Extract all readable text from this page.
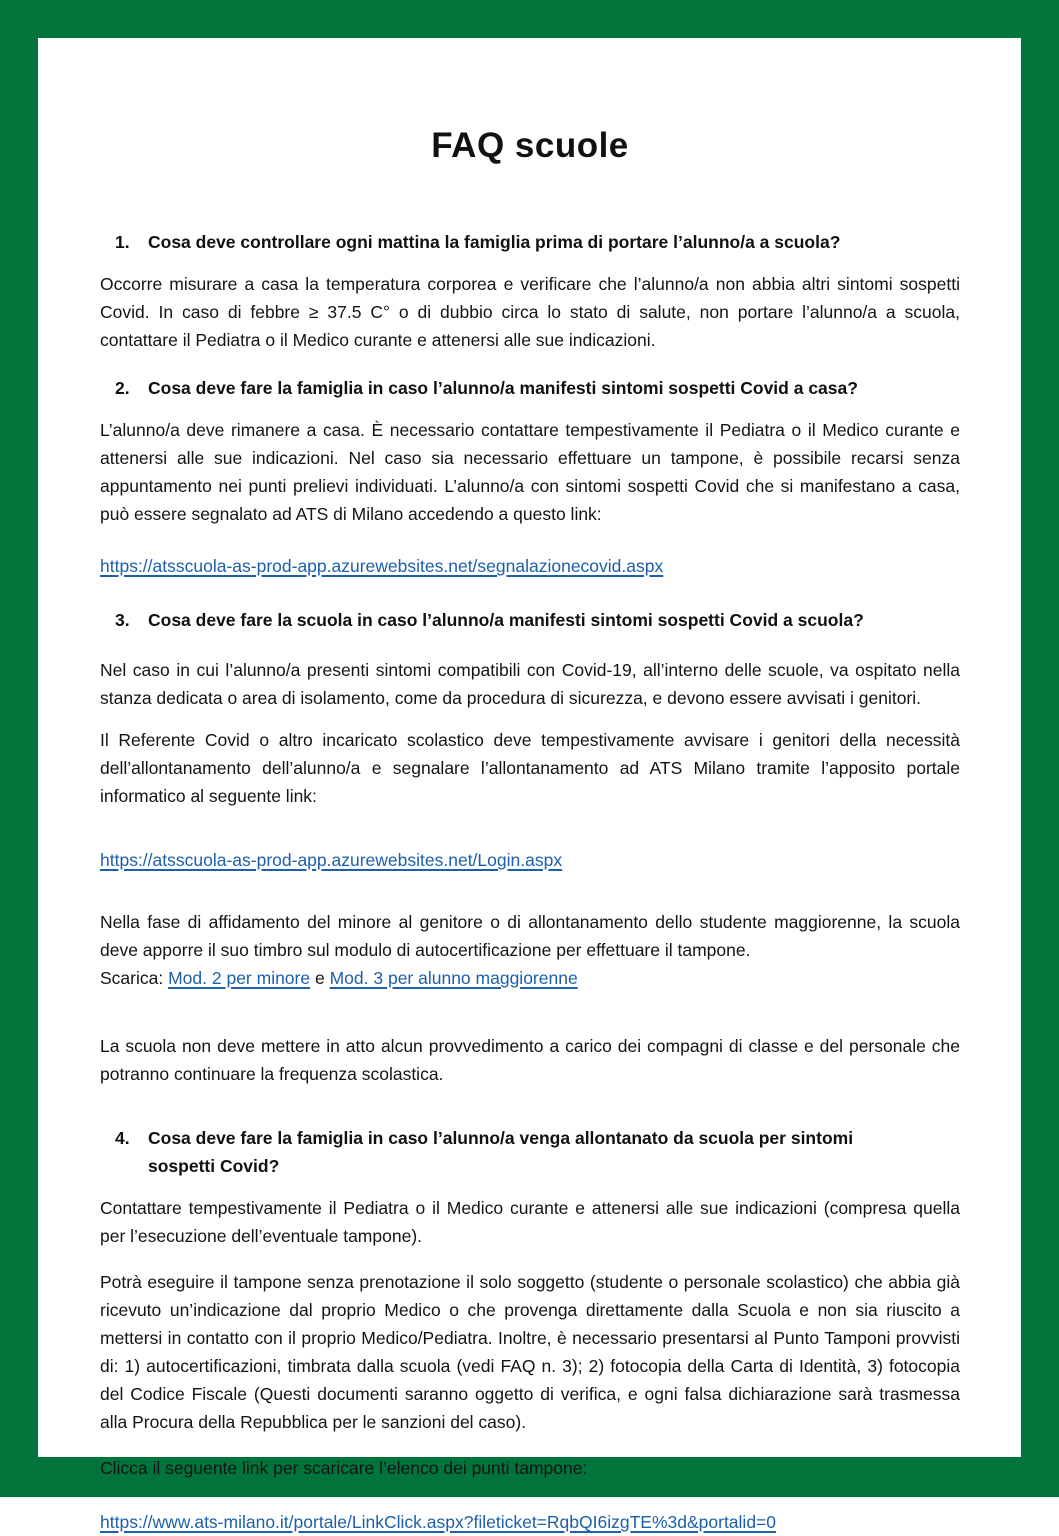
FAQ scuole
1.	Cosa deve controllare ogni mattina la famiglia prima di portare l’alunno/a a scuola?
Occorre misurare a casa la temperatura corporea e verificare che l’alunno/a non abbia altri sintomi sospetti Covid. In caso di febbre ≥ 37.5 C° o di dubbio circa lo stato di salute, non portare l’alunno/a a scuola, contattare il Pediatra o il Medico curante e attenersi alle sue indicazioni.
2.	Cosa deve fare la famiglia in caso l’alunno/a manifesti sintomi sospetti Covid a casa?
L’alunno/a deve rimanere a casa. È necessario contattare tempestivamente il Pediatra o il Medico curante e attenersi alle sue indicazioni. Nel caso sia necessario effettuare un tampone, è possibile recarsi senza appuntamento nei punti prelievi individuati. L’alunno/a con sintomi sospetti Covid che si manifestano a casa, può essere segnalato ad ATS di Milano accedendo a questo link:
https://atsscuola-as-prod-app.azurewebsites.net/segnalazionecovid.aspx
3.	Cosa deve fare la scuola in caso l’alunno/a manifesti sintomi sospetti Covid a scuola?
Nel caso in cui l’alunno/a presenti sintomi compatibili con Covid-19, all’interno delle scuole, va ospitato nella stanza dedicata o area di isolamento, come da procedura di sicurezza, e devono essere avvisati i genitori.
Il Referente Covid o altro incaricato scolastico deve tempestivamente avvisare i genitori della necessità dell’allontanamento dell’alunno/a e segnalare l’allontanamento ad ATS Milano tramite l’apposito portale informatico al seguente link:
https://atsscuola-as-prod-app.azurewebsites.net/Login.aspx
Nella fase di affidamento del minore al genitore o di allontanamento dello studente maggiorenne, la scuola deve apporre il suo timbro sul modulo di autocertificazione per effettuare il tampone.
Scarica: Mod. 2 per minore e Mod. 3 per alunno maggiorenne
La scuola non deve mettere in atto alcun provvedimento a carico dei compagni di classe e del personale che potranno continuare la frequenza scolastica.
4.	Cosa deve fare la famiglia in caso l’alunno/a venga allontanato da scuola per sintomi sospetti Covid?
Contattare tempestivamente il Pediatra o il Medico curante e attenersi alle sue indicazioni (compresa quella per l’esecuzione dell’eventuale tampone).
Potrà eseguire il tampone senza prenotazione il solo soggetto (studente o personale scolastico) che abbia già ricevuto un’indicazione dal proprio Medico o che provenga direttamente dalla Scuola e non sia riuscito a mettersi in contatto con il proprio Medico/Pediatra. Inoltre, è necessario presentarsi al Punto Tamponi provvisti di: 1) autocertificazioni, timbrata dalla scuola (vedi FAQ n. 3); 2) fotocopia della Carta di Identità, 3) fotocopia del Codice Fiscale (Questi documenti saranno oggetto di verifica, e ogni falsa dichiarazione sarà trasmessa alla Procura della Repubblica per le sanzioni del caso).
Clicca il seguente link per scaricare l’elenco dei punti tampone:
https://www.ats-milano.it/portale/LinkClick.aspx?fileticket=RqbQI6izgTE%3d&portalid=0
